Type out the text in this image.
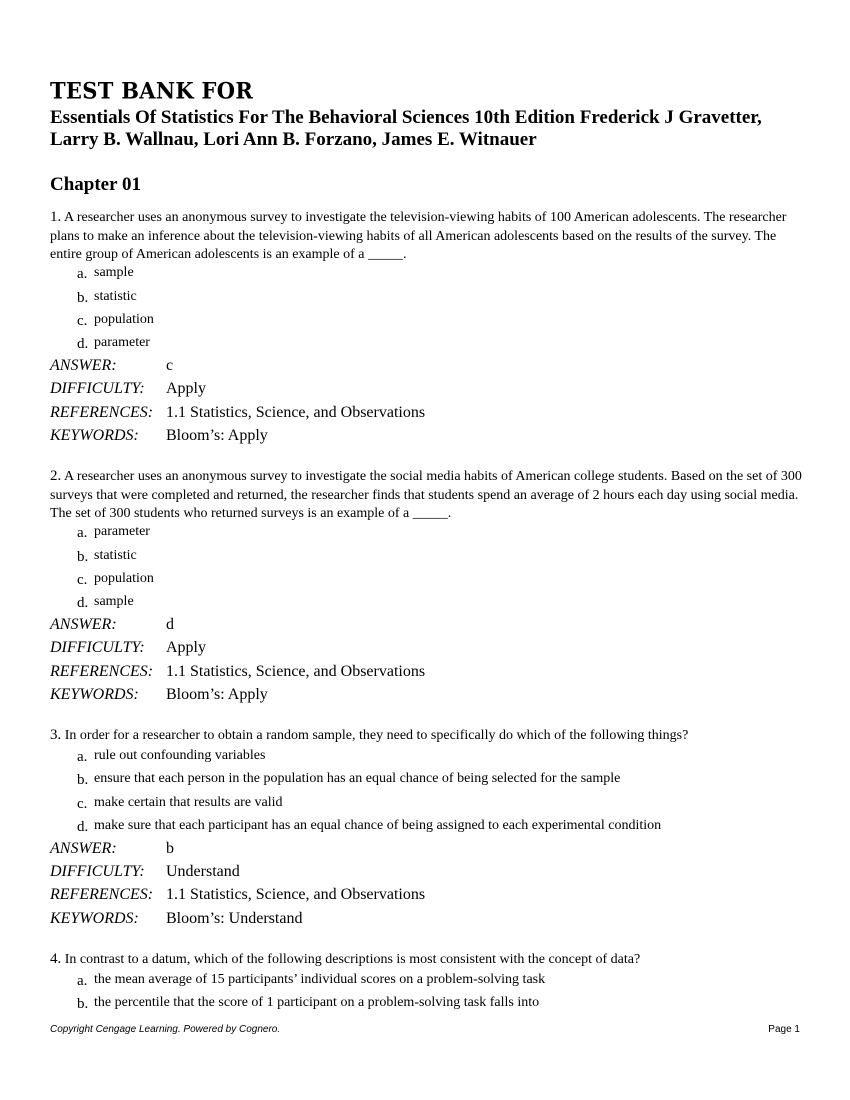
TEST BANK FOR
Essentials Of Statistics For The Behavioral Sciences 10th Edition Frederick J Gravetter, Larry B. Wallnau, Lori Ann B. Forzano, James E. Witnauer
Chapter 01
1. A researcher uses an anonymous survey to investigate the television-viewing habits of 100 American adolescents. The researcher plans to make an inference about the television-viewing habits of all American adolescents based on the results of the survey. The entire group of American adolescents is an example of a _____.
a. sample
b. statistic
c. population
d. parameter
ANSWER:	c
DIFFICULTY: Apply
REFERENCES: 1.1 Statistics, Science, and Observations
KEYWORDS: Bloom’s: Apply
2. A researcher uses an anonymous survey to investigate the social media habits of American college students. Based on the set of 300 surveys that were completed and returned, the researcher finds that students spend an average of 2 hours each day using social media. The set of 300 students who returned surveys is an example of a _____.
a. parameter
b. statistic
c. population
d. sample
ANSWER:	d
DIFFICULTY: Apply
REFERENCES: 1.1 Statistics, Science, and Observations
KEYWORDS: Bloom’s: Apply
3. In order for a researcher to obtain a random sample, they need to specifically do which of the following things?
a. rule out confounding variables
b. ensure that each person in the population has an equal chance of being selected for the sample
c. make certain that results are valid
d. make sure that each participant has an equal chance of being assigned to each experimental condition
ANSWER:	b
DIFFICULTY: Understand
REFERENCES: 1.1 Statistics, Science, and Observations
KEYWORDS: Bloom’s: Understand
4. In contrast to a datum, which of the following descriptions is most consistent with the concept of data?
a. the mean average of 15 participants’ individual scores on a problem-solving task
b. the percentile that the score of 1 participant on a problem-solving task falls into
Copyright Cengage Learning. Powered by Cognero.	Page 1
